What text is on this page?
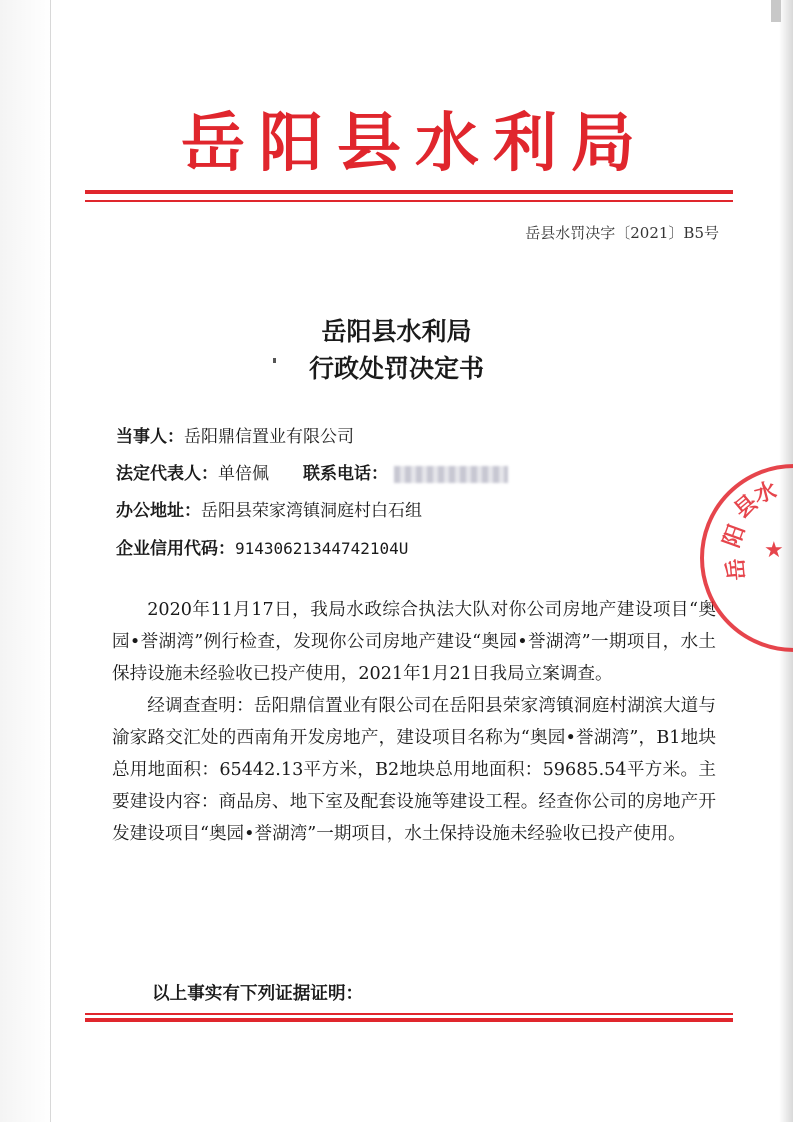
岳阳县水利局
岳县水罚决字〔2021〕B5号
岳阳县水利局
行政处罚决定书
当事人：岳阳鼎信置业有限公司
法定代表人：单倍佩 联系电话：
办公地址：岳阳县荣家湾镇洞庭村白石组
企业信用代码：91430621344742104U

2020年11月17日，我局水政综合执法大队对你公司房地产建设项目“奥园•誉湖湾”例行检查，发现你公司房地产建设“奥园•誉湖湾”一期项目，水土保持设施未经验收已投产使用，2021年1月21日我局立案调查。

经调查查明：岳阳鼎信置业有限公司在岳阳县荣家湾镇洞庭村湖滨大道与渝家路交汇处的西南角开发房地产，建设项目名称为“奥园•誉湖湾”，B1地块总用地面积：65442.13平方米，B2地块总用地面积：59685.54平方米。主要建设内容：商品房、地下室及配套设施等建设工程。经查你公司的房地产开发建设项目“奥园•誉湖湾”一期项目，水土保持设施未经验收已投产使用。

以上事实有下列证据证明：
阳
县
水
岳
★
